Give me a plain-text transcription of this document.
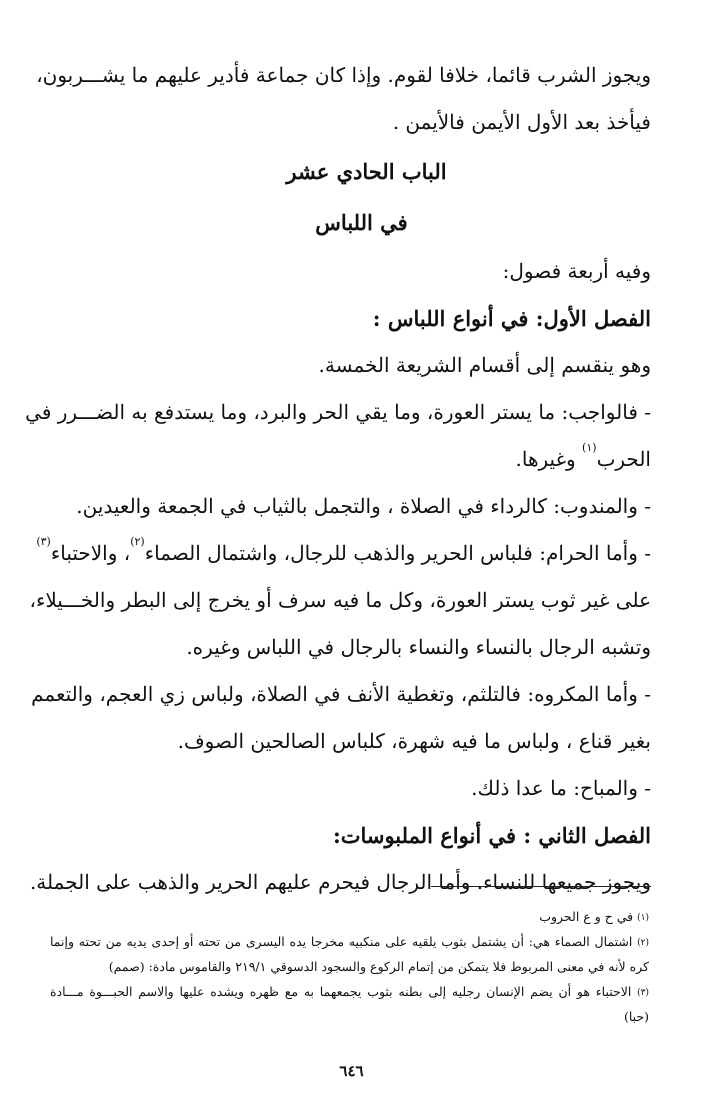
ويجوز الشرب قائما، خلافا لقوم. وإذا كان جماعة فأدير عليهم ما يشـــربون،
فيأخذ بعد الأول الأيمن فالأيمن .
الباب الحادي عشر
في اللباس
وفيه أربعة فصول:
الفصل الأول: في أنواع اللباس :
وهو ينقسم إلى أقسام الشريعة الخمسة.
- فالواجب: ما يستر العورة، وما يقي الحر والبرد، وما يستدفع به الضـــرر في
الحرب$^{(١)}$ وغيرها.
- والمندوب: كالرداء في الصلاة ، والتجمل بالثياب في الجمعة والعيدين.
- وأما الحرام: فلباس الحرير والذهب للرجال، واشتمال الصماء$^{(٢)}$، والاحتباء$^{(٣)}$
على غير ثوب يستر العورة، وكل ما فيه سرف أو يخرج إلى البطر والخـــيلاء،
وتشبه الرجال بالنساء والنساء بالرجال في اللباس وغيره.
- وأما المكروه: فالتلثم، وتغطية الأنف في الصلاة، ولباس زي العجم، والتعمم
بغير قناع ، ولباس ما فيه شهرة، كلباس الصالحين الصوف.
- والمباح: ما عدا ذلك.
الفصل الثاني : في أنواع الملبوسات:
ويجوز جميعها للنساء. وأما الرجال فيحرم عليهم الحرير والذهب على الجملة.
$^{(١)}$ في ح و ع الحروب
$^{(٢)}$ اشتمال الصماء هي: أن يشتمل بثوب يلقيه على منكبيه مخرجا يده اليسرى من تحته أو إحدى يديه من تحته وإنما
كره لأنه في معنى المربوط فلا يتمكن من إتمام الركوع والسجود الدسوقي ٢١٩/١ والقاموس مادة: (صمم)
$^{(٣)}$ الاحتباء هو أن يضم الإنسان رجليه إلى بطنه بثوب يجمعهما به مع ظهره ويشده عليها والاسم الحبـــوة مـــادة
(حبا)
٦٤٦
